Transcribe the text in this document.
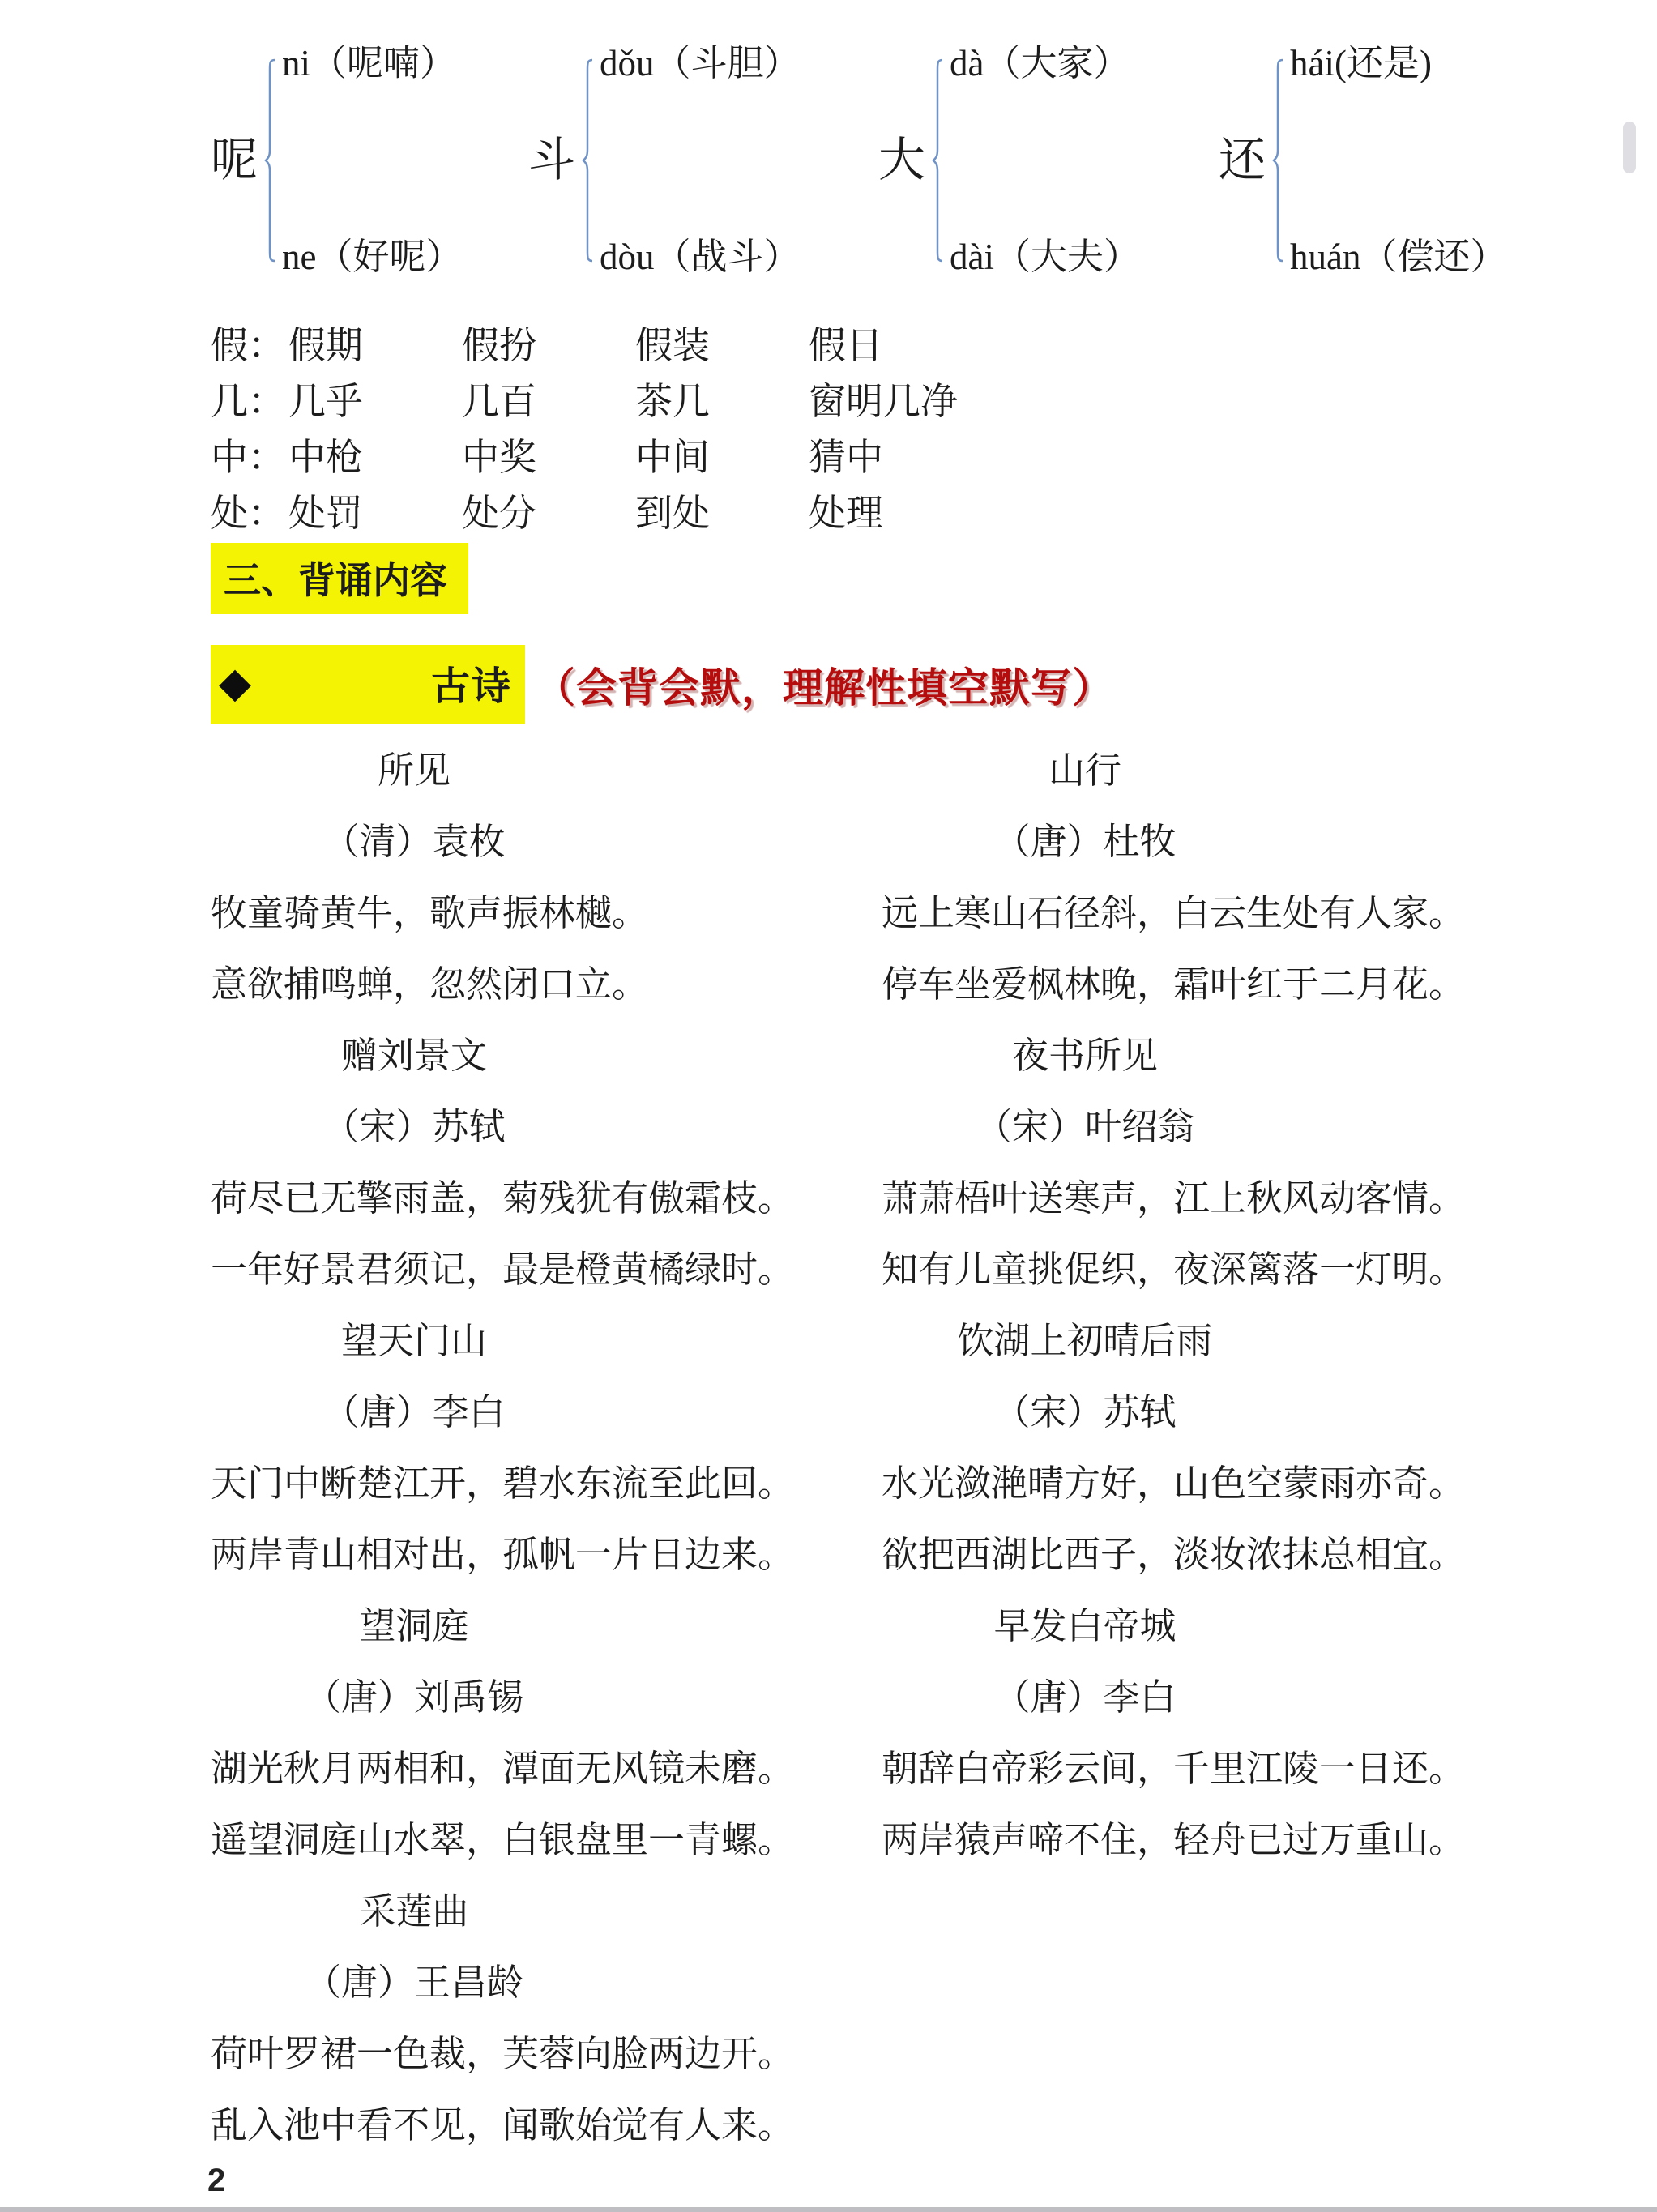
呢
ni（呢喃）
ne（好呢）
斗
dǒu（斗胆）
dòu（战斗）
大
dà（大家）
dài（大夫）
还
hái(还是)
huán（偿还）
假： 假期	假扮	假装	假日
几： 几乎	几百	茶几	窗明几净
中： 中枪	中奖	中间	猜中
处： 处罚	处分	到处	处理
三、背诵内容
◆	古诗 （会背会默，理解性填空默写）
所见
（清）袁枚
牧童骑黄牛，歌声振林樾。
意欲捕鸣蝉，忽然闭口立。
赠刘景文
（宋）苏轼
荷尽已无擎雨盖，菊残犹有傲霜枝。
一年好景君须记，最是橙黄橘绿时。
望天门山
（唐）李白
天门中断楚江开，碧水东流至此回。
两岸青山相对出，孤帆一片日边来。
望洞庭
（唐）刘禹锡
湖光秋月两相和，潭面无风镜未磨。
遥望洞庭山水翠，白银盘里一青螺。
采莲曲
（唐）王昌龄
荷叶罗裙一色裁，芙蓉向脸两边开。
乱入池中看不见，闻歌始觉有人来。
山行
（唐）杜牧
远上寒山石径斜，白云生处有人家。
停车坐爱枫林晚，霜叶红于二月花。
夜书所见
（宋）叶绍翁
萧萧梧叶送寒声，江上秋风动客情。
知有儿童挑促织，夜深篱落一灯明。
饮湖上初晴后雨
（宋）苏轼
水光潋滟晴方好，山色空蒙雨亦奇。
欲把西湖比西子，淡妆浓抹总相宜。
早发白帝城
（唐）李白
朝辞白帝彩云间，千里江陵一日还。
两岸猿声啼不住，轻舟已过万重山。
2
